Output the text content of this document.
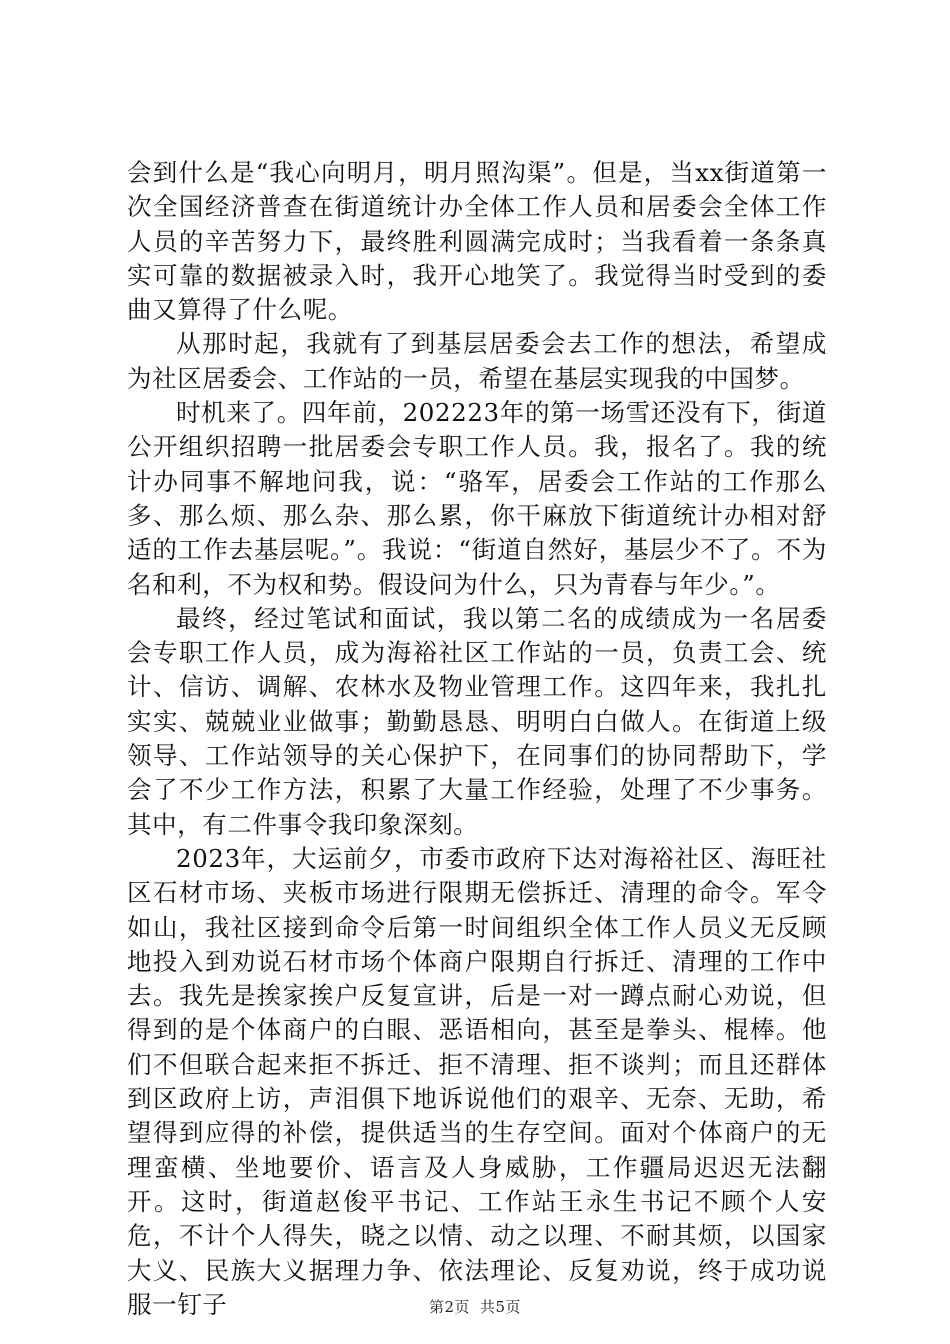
会到什么是“我心向明月，明月照沟渠”。但是，当xx街道第一次全国经济普查在街道统计办全体工作人员和居委会全体工作人员的辛苦努力下，最终胜利圆满完成时；当我看着一条条真实可靠的数据被录入时，我开心地笑了。我觉得当时受到的委曲又算得了什么呢。

从那时起，我就有了到基层居委会去工作的想法，希望成为社区居委会、工作站的一员，希望在基层实现我的中国梦。

时机来了。四年前，202223年的第一场雪还没有下，街道公开组织招聘一批居委会专职工作人员。我，报名了。我的统计办同事不解地问我，说：“骆军，居委会工作站的工作那么多、那么烦、那么杂、那么累，你干麻放下街道统计办相对舒适的工作去基层呢。”。我说：“街道自然好，基层少不了。不为名和利，不为权和势。假设问为什么，只为青春与年少。”。

最终，经过笔试和面试，我以第二名的成绩成为一名居委会专职工作人员，成为海裕社区工作站的一员，负责工会、统计、信访、调解、农林水及物业管理工作。这四年来，我扎扎实实、兢兢业业做事；勤勤恳恳、明明白白做人。在街道上级领导、工作站领导的关心保护下，在同事们的协同帮助下，学会了不少工作方法，积累了大量工作经验，处理了不少事务。其中，有二件事令我印象深刻。

2023年，大运前夕，市委市政府下达对海裕社区、海旺社区石材市场、夹板市场进行限期无偿拆迁、清理的命令。军令如山，我社区接到命令后第一时间组织全体工作人员义无反顾地投入到劝说石材市场个体商户限期自行拆迁、清理的工作中去。我先是挨家挨户反复宣讲，后是一对一蹲点耐心劝说，但得到的是个体商户的白眼、恶语相向，甚至是拳头、棍棒。他们不但联合起来拒不拆迁、拒不清理、拒不谈判；而且还群体到区政府上访，声泪俱下地诉说他们的艰辛、无奈、无助，希望得到应得的补偿，提供适当的生存空间。面对个体商户的无理蛮横、坐地要价、语言及人身威胁，工作疆局迟迟无法翻开。这时，街道赵俊平书记、工作站王永生书记不顾个人安危，不计个人得失，晓之以情、动之以理、不耐其烦，以国家大义、民族大义据理力争、依法理论、反复劝说，终于成功说服一钉子	第2页 共5页
